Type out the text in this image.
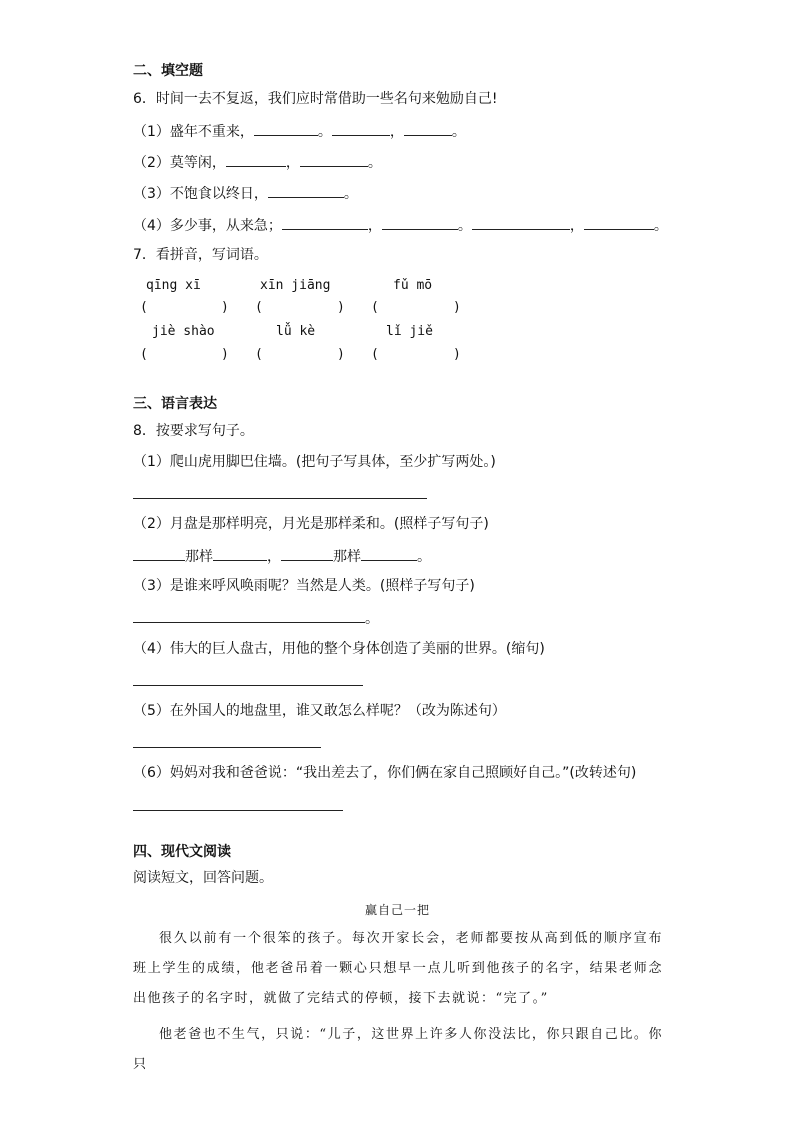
二、填空题
6．时间一去不复返，我们应时常借助一些名句来勉励自己!
（1）盛年不重来，	。	，	。
（2）莫等闲，	，	。
（3）不饱食以终日，	。
（4）多少事，从来急；	，	。	，	。
7．看拼音，写词语。
qīng xī	xīn jiāng	fǔ mō
(	) (	) (	)
jiè shào	lǚ kè	lǐ jiě
(	) (	) (	)
三、语言表达
8．按要求写句子。
（1）爬山虎用脚巴住墙。(把句子写具体，至少扩写两处。)
（2）月盘是那样明亮，月光是那样柔和。(照样子写句子)
那样	，	那样	。
（3）是谁来呼风唤雨呢？当然是人类。(照样子写句子)
。
（4）伟大的巨人盘古，用他的整个身体创造了美丽的世界。(缩句)
（5）在外国人的地盘里，谁又敢怎么样呢？（改为陈述句）
（6）妈妈对我和爸爸说：“我出差去了，你们俩在家自己照顾好自己。”(改转述句)
四、现代文阅读
阅读短文，回答问题。
赢自己一把
很久以前有一个很笨的孩子。每次开家长会，老师都要按从高到低的顺序宣布班上学生的成绩，他老爸吊着一颗心只想早一点儿听到他孩子的名字，结果老师念出他孩子的名字时，就做了完结式的停顿，接下去就说：“完了。”
他老爸也不生气，只说：“儿子，这世界上许多人你没法比，你只跟自己比。你只
